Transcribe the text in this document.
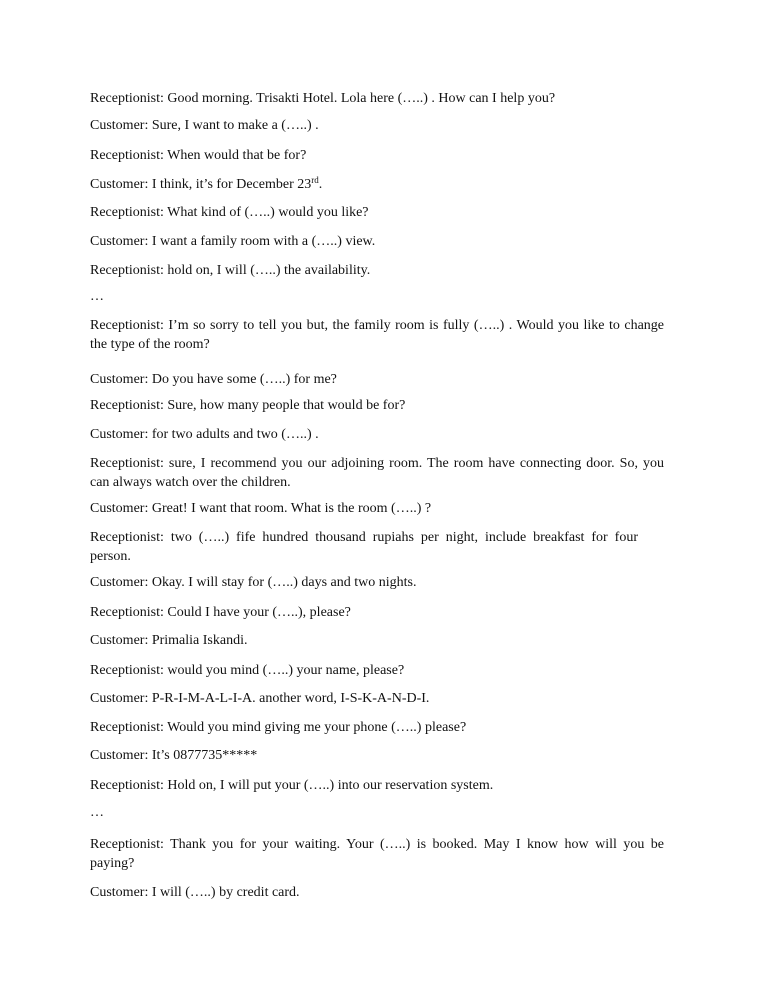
Receptionist: Good morning. Trisakti Hotel. Lola here (…..) . How can I help you?

Customer: Sure, I want to make a (…..) .

Receptionist: When would that be for?

Customer: I think, it’s for December 23rd.

Receptionist: What kind of (…..) would you like?

Customer: I want a family room with a (…..) view.

Receptionist: hold on, I will (…..) the availability.

…

Receptionist: I’m so sorry to tell you but, the family room is fully (…..) . Would you like to change the type of the room?

Customer: Do you have some (…..) for me?

Receptionist: Sure, how many people that would be for?

Customer: for two adults and two (…..) .

Receptionist: sure, I recommend you our adjoining room. The room have connecting door. So, you can always watch over the children.

Customer: Great! I want that room. What is the room (…..) ?

Receptionist: two (…..) fife hundred thousand rupiahs per night, include breakfast for four person.

Customer: Okay. I will stay for (…..) days and two nights.

Receptionist: Could I have your (…..), please?

Customer: Primalia Iskandi.

Receptionist: would you mind (…..) your name, please?

Customer: P-R-I-M-A-L-I-A. another word, I-S-K-A-N-D-I.

Receptionist: Would you mind giving me your phone (…..) please?

Customer: It’s 0877735*****

Receptionist: Hold on, I will put your (…..) into our reservation system.

…

Receptionist: Thank you for your waiting. Your (…..) is booked. May I know how will you be paying?

Customer: I will (…..) by credit card.
